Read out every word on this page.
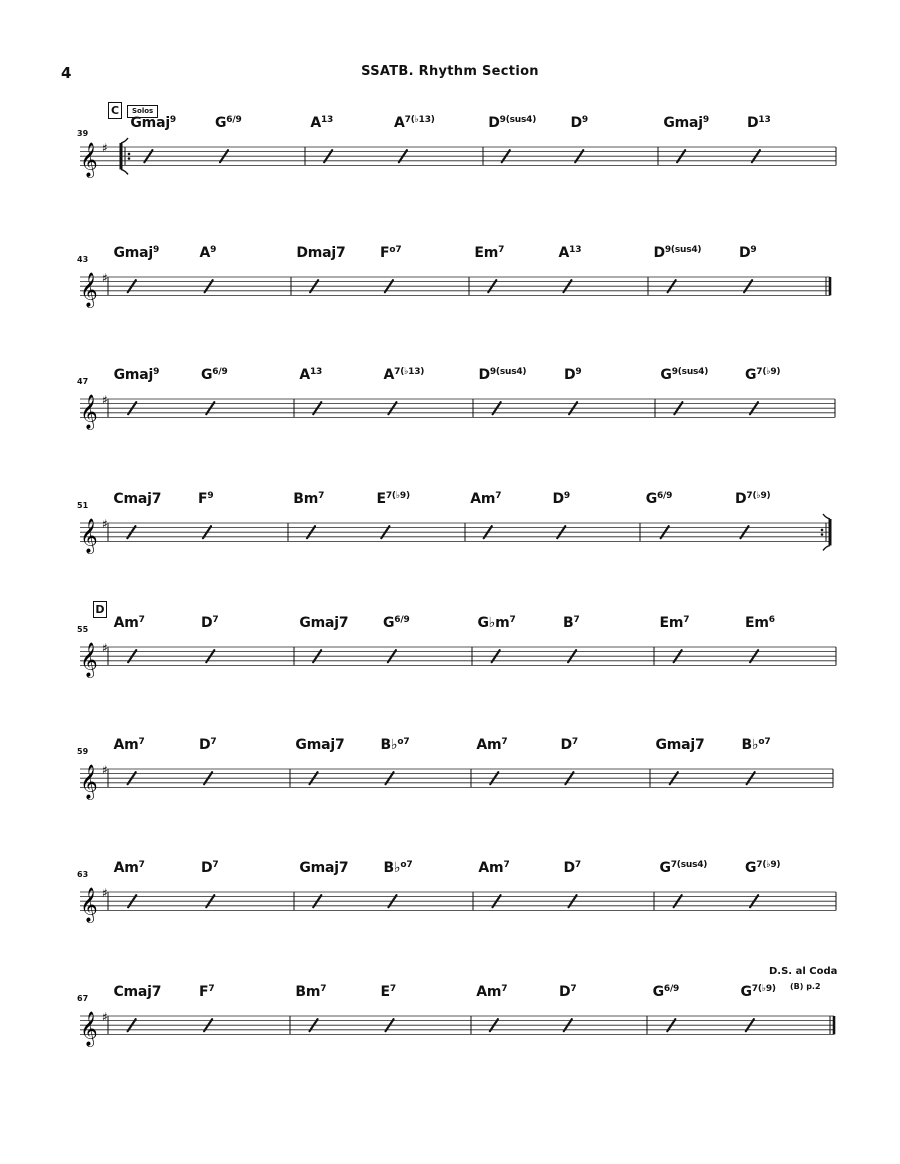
4	SSATB. Rhythm Section
39
C	Solos
𝄞 ♯
Gmaj$^9$	$G^{6/9}$	$A^{13}$	$A^{7(♭13)}$	$D^{9(sus4)}$ $D^9$	Gmaj$^9$	$D^{13}$
43
𝄞 ♯
Gmaj$^9$	$A^9$	Dmaj7 $F^{o7}$	Em$^7$	$A^{13}$	$D^{9(sus4)}$	$D^9$
47
𝄞 ♯
Gmaj$^9$	$G^{6/9}$	$A^{13}$	$A^{7(♭13)}$	$D^{9(sus4)}$	$D^9$	$G^{9(sus4)}$	$G^{7(♭9)}$
51
𝄞 ♯
Cmaj7	$F^9$	Bm$^7$	$E^{7(♭9)}$	Am$^7$	$D^9$	$G^{6/9}$	$D^{7(♭9)}$
55
D
𝄞 ♯
Am$^7$	$D^7$	Gmaj7 $G^{6/9}$	$G♭m^7$	$B^7$	Em$^7$	Em$^6$
59
𝄞 ♯
Am$^7$	$D^7$	Gmaj7	B♭$^{o7}$	Am$^7$	$D^7$	Gmaj7	B♭$^{o7}$
63
𝄞 ♯
Am$^7$	$D^7$	Gmaj7	B♭$^{o7}$	Am$^7$	$D^7$	$G^{7(sus4)}$	$G^{7(♭9)}$
67
𝄞 ♯
Cmaj7	$F^7$	Bm$^7$	$E^7$	Am$^7$	$D^7$	$G^{6/9}$	$G^{7(♭9)}$
D.S. al Coda
(B) p.2
